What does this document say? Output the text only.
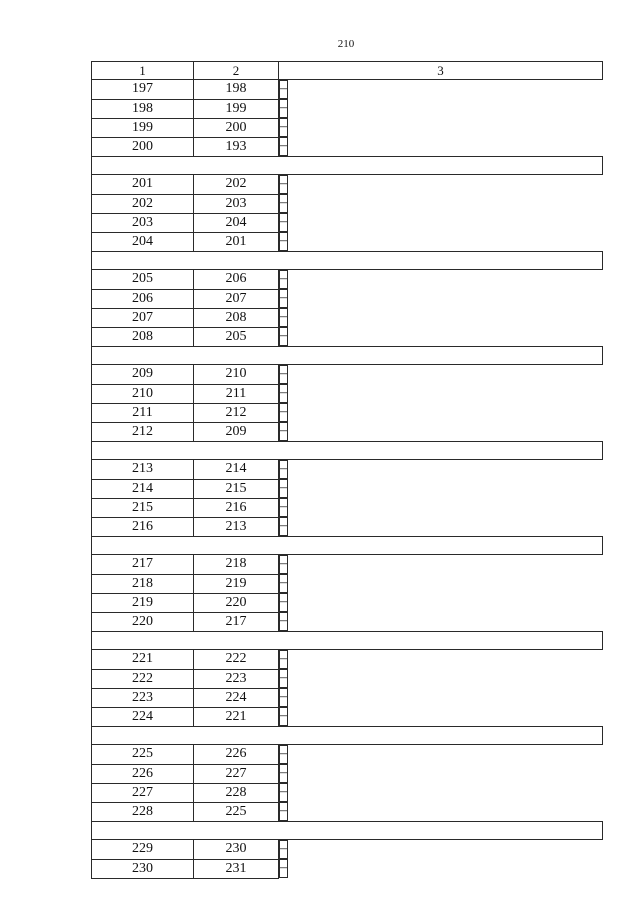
210
1	2	3
197	198	–
198	199	–
199	200	–
200	193	–

201	202	–
202	203	–
203	204	–
204	201	–

205	206	–
206	207	–
207	208	–
208	205	–

209	210	–
210	211	–
211	212	–
212	209	–

213	214	–
214	215	–
215	216	–
216	213	–

217	218	–
218	219	–
219	220	–
220	217	–

221	222	–
222	223	–
223	224	–
224	221	–

225	226	–
226	227	–
227	228	–
228	225	–

229	230	–
230	231	–
